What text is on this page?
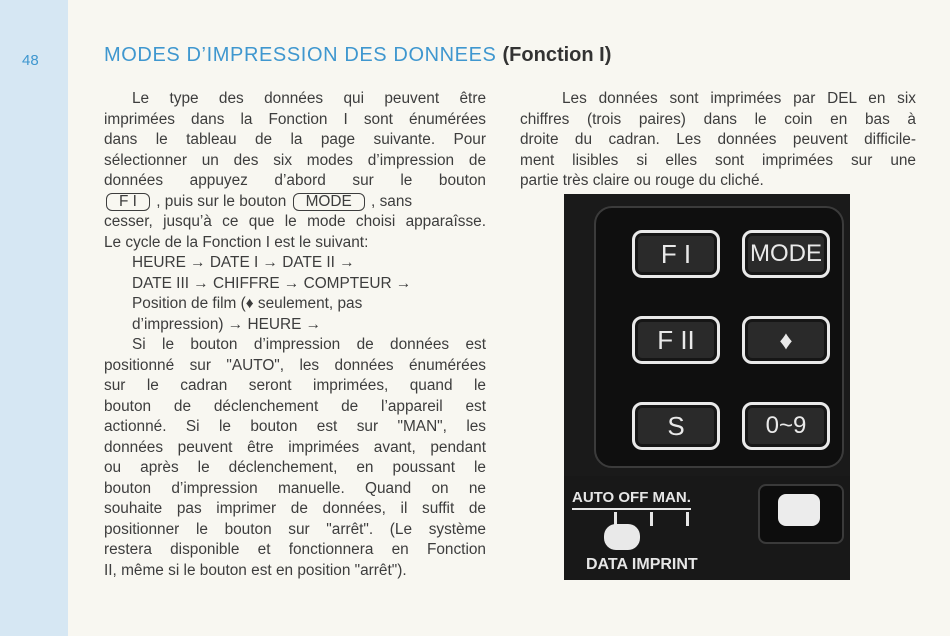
48	MODES D’IMPRESSION DES DONNEES (Fonction I)
Le type des données qui peuvent être
imprimées dans la Fonction I sont énumérées
dans le tableau de la page suivante. Pour
sélectionner un des six modes d’impression de
données appuyez d’abord sur le bouton
F I , puis sur le bouton MODE , sans
cesser, jusqu’à ce que le mode choisi apparaîsse.
Le cycle de la Fonction I est le suivant:
HEURE → DATE I → DATE II →
DATE III → CHIFFRE → COMPTEUR →
Position de film (♦ seulement, pas
d’impression) → HEURE →
Si le bouton d’impression de données est
positionné sur "AUTO", les données énumérées
sur le cadran seront imprimées, quand le
bouton de déclenchement de l’appareil est
actionné. Si le bouton est sur "MAN", les
données peuvent être imprimées avant, pendant
ou après le déclenchement, en poussant le
bouton d’impression manuelle. Quand on ne
souhaite pas imprimer de données, il suffit de
positionner le bouton sur "arrêt". (Le système
restera disponible et fonctionnera en Fonction
II, même si le bouton est en position "arrêt").
Les données sont imprimées par DEL en six
chiffres (trois paires) dans le coin en bas à
droite du cadran. Les données peuvent difficile-
ment lisibles si elles sont imprimées sur une
partie très claire ou rouge du cliché.
F I	MODE
F II	♦
S	0~9
AUTO OFF MAN.
DATA IMPRINT
